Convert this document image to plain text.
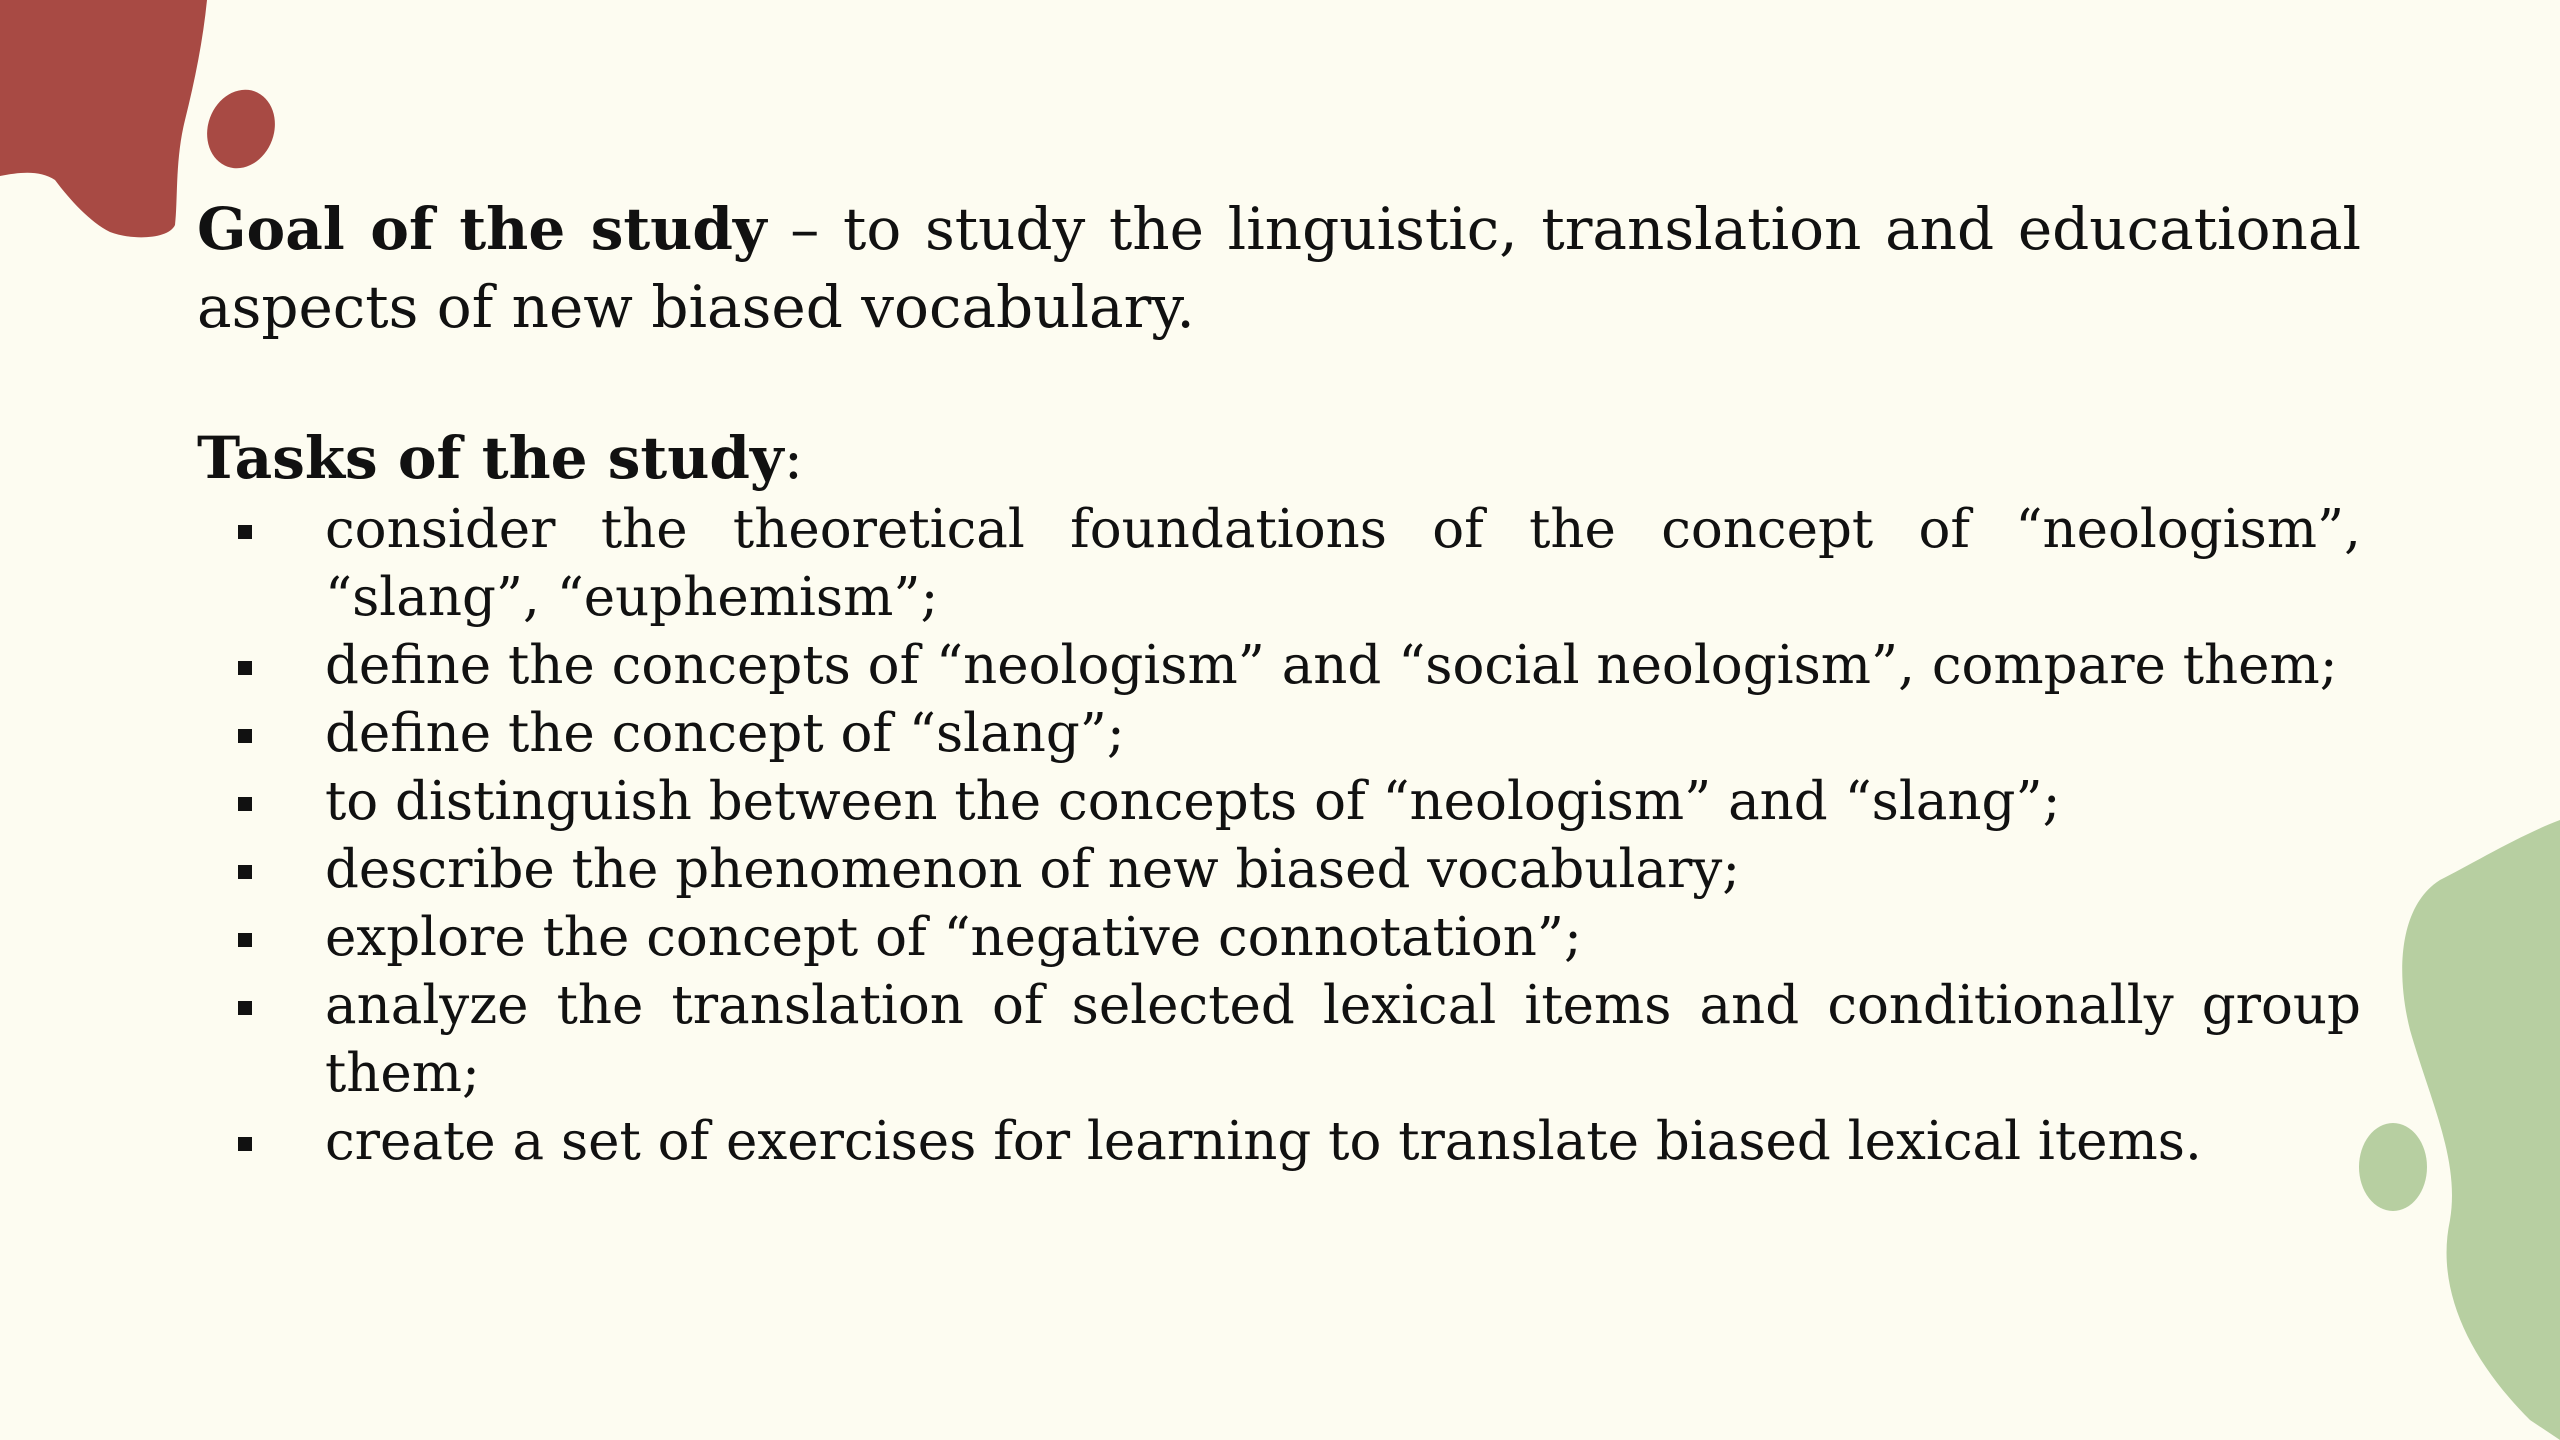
Goal of the study – to study the linguistic, translation and educational aspects of new biased vocabulary.

Tasks of the study:
consider the theoretical foundations of the concept of “neologism”, “slang”, “euphemism”;
define the concepts of “neologism” and “social neologism”, compare them;
define the concept of “slang”;
to distinguish between the concepts of “neologism” and “slang”;
describe the phenomenon of new biased vocabulary;
explore the concept of “negative connotation”;
analyze the translation of selected lexical items and conditionally group them;
create a set of exercises for learning to translate biased lexical items.
